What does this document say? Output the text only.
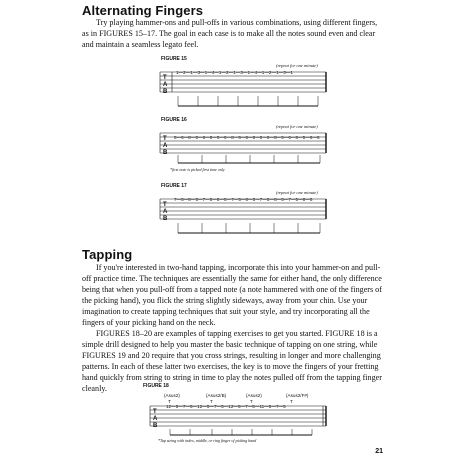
Alternating Fingers

Try playing hammer-ons and pull-offs in various combinations, using different fingers, as in FIGURES 15–17. The goal in each case is to make all the notes sound even and clear and maintain a seamless legato feel.

FIGURE 15
(repeat for one minute)
T
A
B
1—2—1—3—1—4—1—2—1—3—1—4—1—2—1—3—1
FIGURE 16
(repeat for one minute)
T
A
B
5—6—8—5—6—8—5—6—8—5—6—8—5—6—8—5—6—8—5—6—8
*first note is picked first time only
FIGURE 17
(repeat for one minute)
T
A
B
7—5—8—5—7—5—8—5—7—5—8—5—7—5—8—5—7—5—8—5
Tapping

If you're interested in two-hand tapping, incorporate this into your hammer-on and pull-off practice time. The techniques are essentially the same for either hand, the only difference being that when you pull-off from a tapped note (a note hammered with one of the fingers of the picking hand), you flick the string slightly sideways, away from your chin. Use your imagination to create tapping techniques that suit your style, and try incorporating all the fingers of your picking hand on the neck.

FIGURES 18–20 are examples of tapping exercises to get you started. FIGURE 18 is a simple drill designed to help you master the basic technique of tapping on one string, while FIGURES 19 and 20 require that you cross strings, resulting in longer and more challenging patterns. In each of these latter two exercises, the key is to move the fingers of your fretting hand quickly from string to string in time to play the notes pulled off from the tapping finger cleanly.	FIGURE 18
(Asus2)	(Asus2/B)	(Asus2)	(Asus2/F#)
T	T	T	T
T
A
B
12—5—7—5—12—5—7—5—12—5—7—5—11—5—7—5
*Tap string with index, middle, or ring finger of picking hand
21
